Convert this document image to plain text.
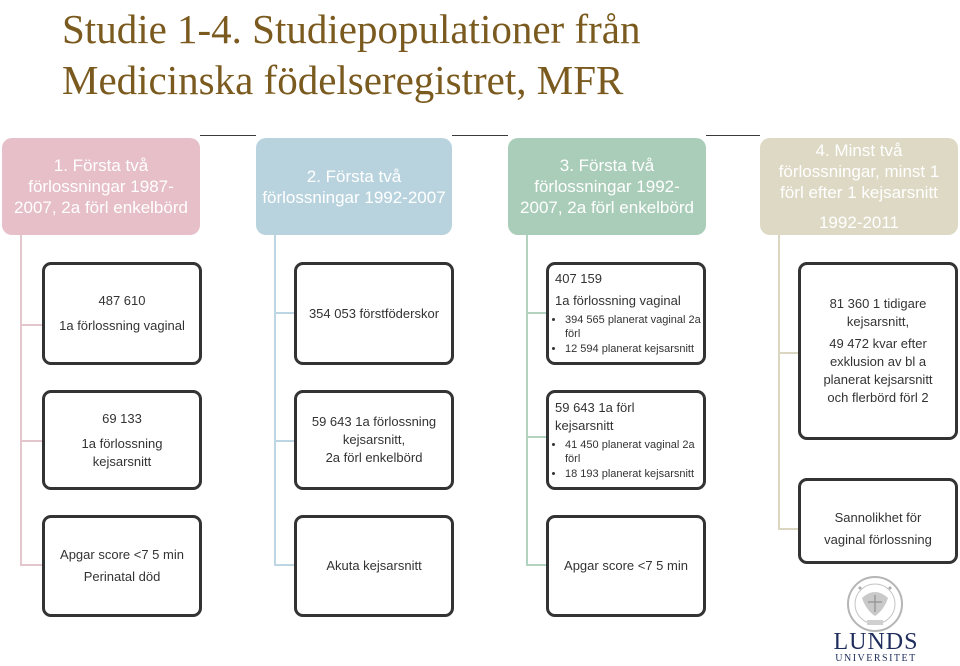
Studie 1-4. Studiepopulationer från
Medicinska födelseregistret, MFR
1. Första två förlossningar 1987-2007, 2a förl enkelbörd
2. Första två förlossningar 1992-2007
3. Första två förlossningar 1992-2007, 2a förl enkelbörd
4. Minst två förlossningar, minst 1 förl efter 1 kejsarsnitt
1992-2011
487 610
1a förlossning vaginal
69 133
1a förlossning
kejsarsnitt
Apgar score <7 5 min
Perinatal död
354 053 förstföderskor
59 643 1a förlossning
kejsarsnitt,
2a förl enkelbörd
Akuta kejsarsnitt
407 159
1a förlossning vaginal
• 394 565 planerat vaginal 2a förl
• 12 594 planerat kejsarsnitt
59 643 1a förl
kejsarsnitt
• 41 450 planerat vaginal 2a förl
• 18 193 planerat kejsarsnitt
Apgar score <7 5 min
81 360 1 tidigare
kejsarsnitt,
49 472 kvar efter
exklusion av bl a
planerat kejsarsnitt
och flerbörd förl 2
Sannolikhet för
vaginal förlossning
LUNDS
UNIVERSITET
